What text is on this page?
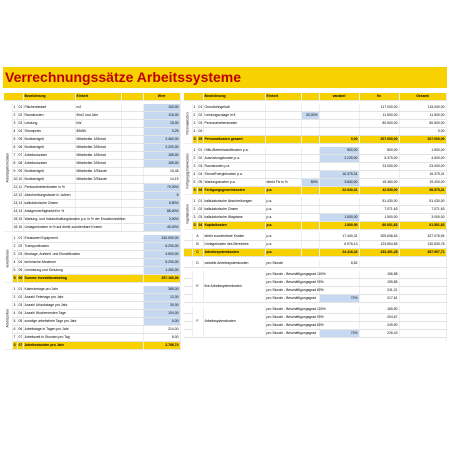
Verrechnungssätze Arbeitssysteme
			Bezeichnung	Einheit		Wert

Arbeitssystem-Daten	1	01	Flächenbedarf	m2		100,00
	2	02	Raumkosten	€/m2 und Jahr		115,00
	3	03	Leistung	kW		15,00
	4	04	Strompreis	€/kWh		0,25
	5	05	Bruttoentgelt	Mitarbeiter 1/Monat		2.460,00
	6	06	Bruttoentgelt	Mitarbeiter 2/Monat		2.200,00
	7	07	Arbeitsstunden	Mitarbeiter 1/Monat		155,00
	8	08	Arbeitsstunden	Mitarbeiter 2/Monat		155,00
	9	09	Bruttoentgelt	Mitarbeiter 1/Stunde		15,48
	10	10	Bruttoentgelt	Mitarbeiter 2/Stunde		14,19
	11	11	Personalnebenkosten in %			70,00%
	12	12	Abschreibungsdauer in Jahren			5
	13	13	kalkulatorische Zinsen			5,50%
	14	14	Anlagenverfügbarkeit in %			85,00%
	15	15	Wartung- und Instandhaltungskosten p.a. in % der Ersatzinvestition			3,00%
	16	16	Umlagenkosten in % auf direkt zuordenbare Kosten			40,00%

Investitionen	1	01	Ersatzwert Equipment			240.000,00
	2	02	Transportkosten			6.200,00
	3	03	Montage, Aufstell- und Einstellkosten			4.500,00
	4	04	technische Abnahme			5.200,00
	5	05	Umrüstung und Schulung			1.260,00
	S	06	Summe Investitionsbetrag			257.160,00

Arbeitszeiten	1	01	Kalendertage pro Jahr			365,00
	2	02	Anzahl Feiertage pro Jahr			12,00
	3	03	Anzahl Urlaubstage pro Jahr			30,00
	4	04	Anzahl Wochenenden Tage			104,00
	5	05	sonstige arbeitsfreie Tage pro Jahr			5,00
	6	06	Arbeitstage in Tagen pro Jahr			214,00
	7	07	Arbeitszeit in Stunden pro Tag			8,00
	S	07	Arbeitsstunden pro Jahr			2.766,74
			Bezeichnung	Einheit		variabel	fix	Gesamt

Personalkosten	1	01	Grundlohngehalt				117.000,00	115.000,00
	2	02	Leistungszulage in €		30,00%		11.500,00	11.500,00
	3	03	Personalnebenkosten				80.500,00	80.500,00
	4	04						0,00
	S	05	Personalkosten gesamt			0,00	207.000,00	207.000,00

Fertigungsgemeinkosten	1	01	Hilfs-/Betriebsstoffkosten p.a.			500,00	800,00	1.500,00
	2	02	Ausrüstungskosten p.a.			2.225,00	5.375,00	4.500,00
	3	03	Raumkosten p.a.				23.000,00	23.000,00
	4	04	Strom/Energiekosten p.a.			16.375,31		16.375,31
	5	05	Wartungskosten p.a.	direkt Fix in %	80%	3.840,00	15.360,00	19.200,00
	S	06	Fertigungsgemeinkosten	p.a.		22.940,31	42.535,00	58.575,31

Kapitalkosten	1	01	kalkulatorische Abschreibungen	p.a.			51.430,00	51.430,00
	2	02	kalkulatorische Zinsen	p.a.			7.071,63	7.071,63
	3	03	kalkulatorische Wagnisse	p.a.		1.500,00	1.500,00	3.000,00
	S	04	Kapitalkosten	p.a.		1.500,00	60.001,63	61.501,63

	A		direkt zuordenbare Kosten	p.a.		17.440,31	309.636,63	327.076,94
	B		Umlagekosten des Bereiches	p.a.		6.976,13	123.854,65	130.830,78
	C		Arbeitssystemkosten	p.a.		24.416,44	433.491,28	457.907,71

	D		variable Arbeitssystemkosten	pro Stunde		8,82		

	E		fixe Arbeitssystemkosten	pro Stunde - Beschäftigungsgrad 100%			156,88	
				pro Stunde - Beschäftigungsgrad 90%			195,85	
				pro Stunde - Beschäftigungsgrad 80%			241,21	
				pro Stunde - Beschäftigungsgrad		72%	217,61	

	F		Arbeitssystemkosten	pro Stunde - Beschäftigungsgrad 100%			165,50	
				pro Stunde - Beschäftigungsgrad 90%			204,67	
				pro Stunde - Beschäftigungsgrad 80%			249,90	
				pro Stunde - Beschäftigungsgrad		72%	226,43	
